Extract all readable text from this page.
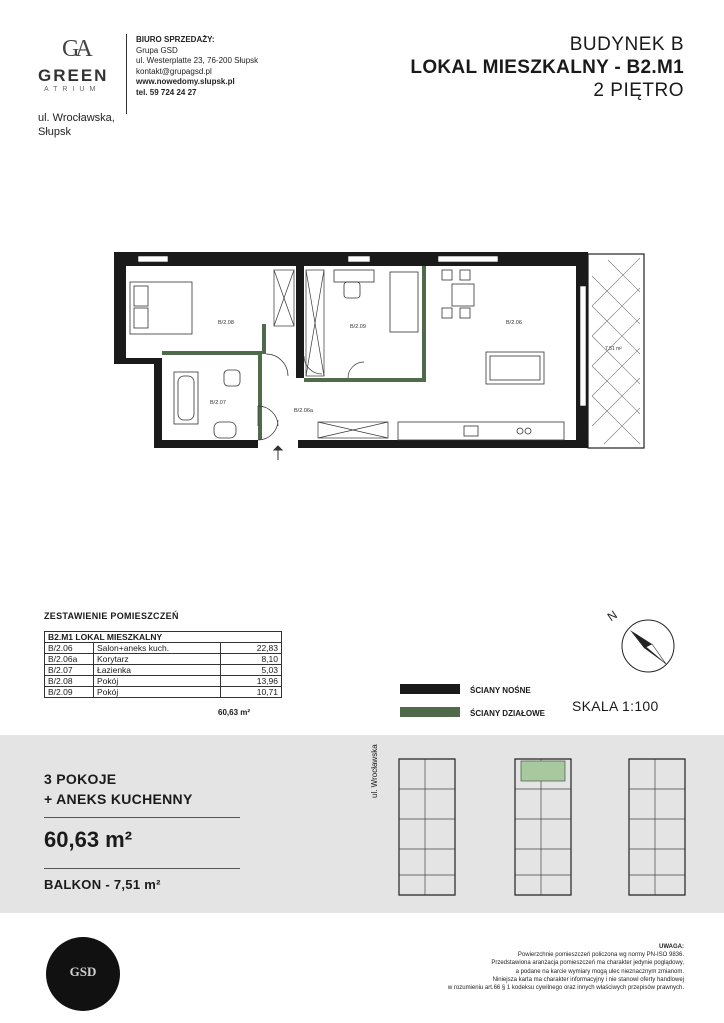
GA
GREEN
ATRIUM
ul. Wrocławska,
Słupsk
BIURO SPRZEDAŻY:
Grupa GSD
ul. Westerplatte 23, 76-200 Słupsk
kontakt@grupagsd.pl
www.nowedomy.slupsk.pl
tel. 59 724 24 27
BUDYNEK B
LOKAL MIESZKALNY - B2.M1
2 PIĘTRO
7,51 m²
B/2.08
B/2.09
B/2.06
B/2.07
B/2.06a
ZESTAWIENIE POMIESZCZEŃ
B2.M1 LOKAL MIESZKALNY		
B/2.06	Salon+aneks kuch.	22,83
B/2.06a	Korytarz	8,10
B/2.07	Łazienka	5,03
B/2.08	Pokój	13,96
B/2.09	Pokój	10,71
60,63 m²
N
ŚCIANY NOŚNE
ŚCIANY DZIAŁOWE SKALA 1:100
3 POKOJE
+ ANEKS KUCHENNY
60,63 m²
BALKON - 7,51 m²
ul. Wrocławska
GSD
UWAGA:
Powierzchnie pomieszczeń policzona wg normy PN-ISO 9836.
Przedstawiona aranżacja pomieszczeń ma charakter jedynie poglądowy,
a podane na karcie wymiary mogą ulec nieznacznym zmianom.
Niniejsza karta ma charakter informacyjny i nie stanowi oferty handlowej
w rozumieniu art.66 § 1 kodeksu cywilnego oraz innych właściwych przepisów prawnych.
